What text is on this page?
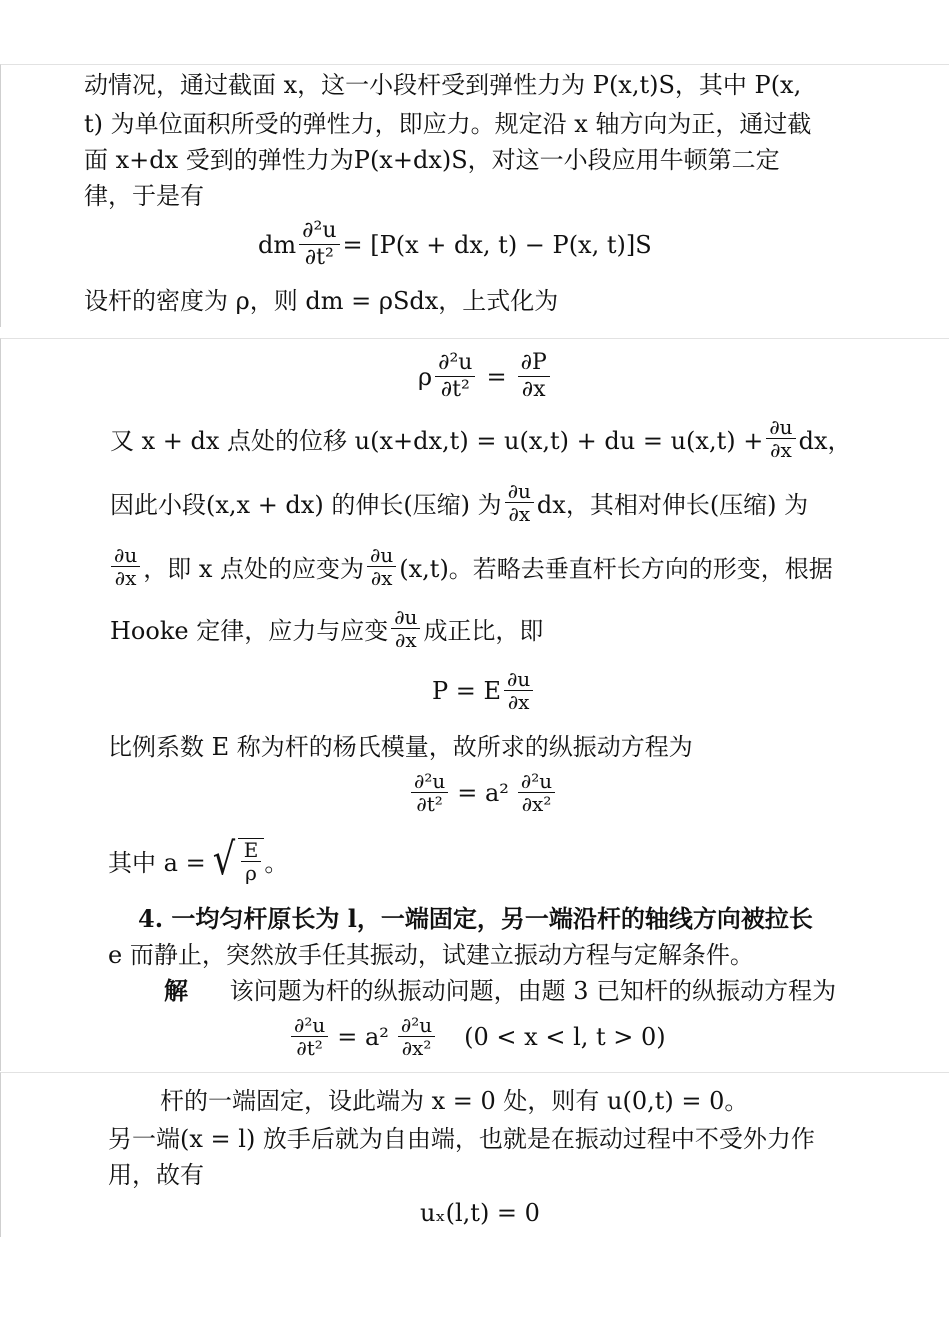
动情况，通过截面 x，这一小段杆受到弹性力为 P(x,t)S，其中 P(x,
t) 为单位面积所受的弹性力，即应力。规定沿 x 轴方向为正，通过截
面 x+dx 受到的弹性力为P(x+dx)S，对这一小段应用牛顿第二定
律，于是有
dm $\frac{\text{∂²u}}{\text{∂t²}} = [P(x$ + dx, t) − P(x, t)]S
设杆的密度为 ρ，则 dm = ρSdx，上式化为
ρ $\frac{\text{∂²u}}{\text{∂t²}} = \frac{\partial P}{\partial x}$
又 x + dx 点处的位移 u(x+dx,t) = u(x,t) + du = $u(x,t) + \frac{\partial u}{\partial x}$ dx，
因此小段(x,x + dx) 的伸长(压缩) 为 $\frac{\partial u}{\partial x}$ dx，其相对伸长(压缩) 为
$\frac{\partial u}{\partial x}$ ，即 x 点处的应变为 $\frac{\partial u}{\partial x} (x,t)$。若略去垂直杆长方向的形变，根据
Hooke 定律，应力与应变 $\frac{\partial u}{\partial x}$ 成正比，即
P = E $\frac{\partial u}{\partial x}$
比例系数 E 称为杆的杨氏模量，故所求的纵振动方程为
$\frac{\text{∂²u}}{\text{∂t²}} = a^2 \frac{\text{∂²u}}{\text{∂x²}}$
其中 a = √ $\frac{E}{\rho}$ 。
4. 一均匀杆原长为 l，一端固定，另一端沿杆的轴线方向被拉长
e 而静止，突然放手任其振动，试建立振动方程与定解条件。
解 该问题为杆的纵振动问题，由题 3 已知杆的纵振动方程为
$\frac{\text{∂²u}}{\text{∂t²}} = a^2 \frac{\text{∂²u}}{\text{∂x²}} (0 < x < l$, t > 0)
杆的一端固定，设此端为 x = 0 处，则有 u(0,t) = 0。
另一端(x = l) 放手后就为自由端，也就是在振动过程中不受外力作
用，故有
uₓ(l,t) = 0
